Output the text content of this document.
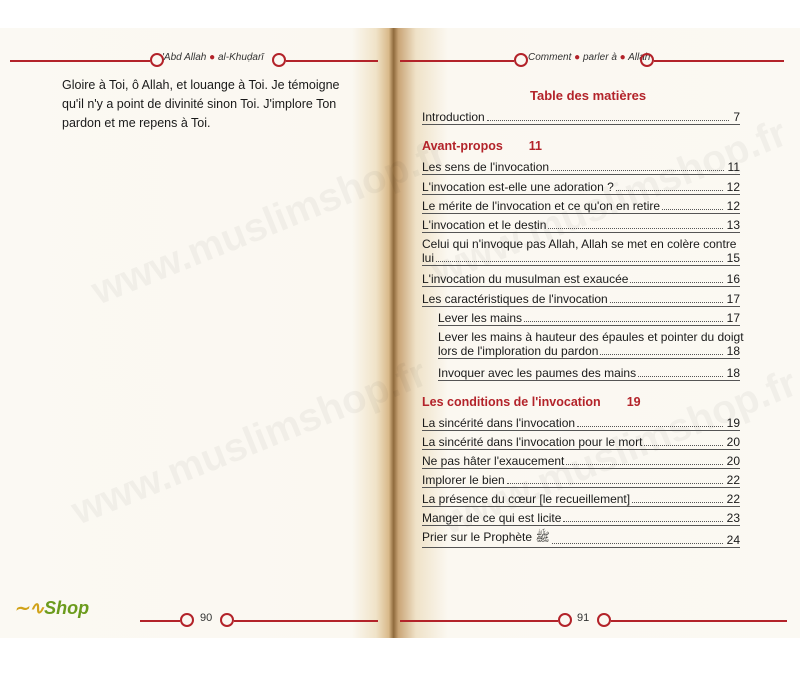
'Abd Allah ● al-Khuḍarī	Comment ● parler à ● Allah
Gloire à Toi, ô Allah, et louange à Toi. Je témoigne qu'il n'y a point de divinité sinon Toi. J'implore Ton pardon et me repens à Toi.
Table des matières
Introduction	7
Avant-propos 11
Les sens de l'invocation	11
L'invocation est-elle une adoration ?	12
Le mérite de l'invocation et ce qu'on en retire	12
L'invocation et le destin	13
Celui qui n'invoque pas Allah, Allah se met en colère contre
lui	15
L'invocation du musulman est exaucée	16
Les caractéristiques de l'invocation	17
Lever les mains	17
Lever les mains à hauteur des épaules et pointer du doigt
lors de l'imploration du pardon	18
Invoquer avec les paumes des mains	18
Les conditions de l'invocation 19
La sincérité dans l'invocation	19
La sincérité dans l'invocation pour le mort	20
Ne pas hâter l'exaucement	20
Implorer le bien	22
La présence du cœur [le recueillement]	22
Manger de ce qui est licite	23
Prier sur le Prophète ﷺ	24
90	91
∼∿Shop
